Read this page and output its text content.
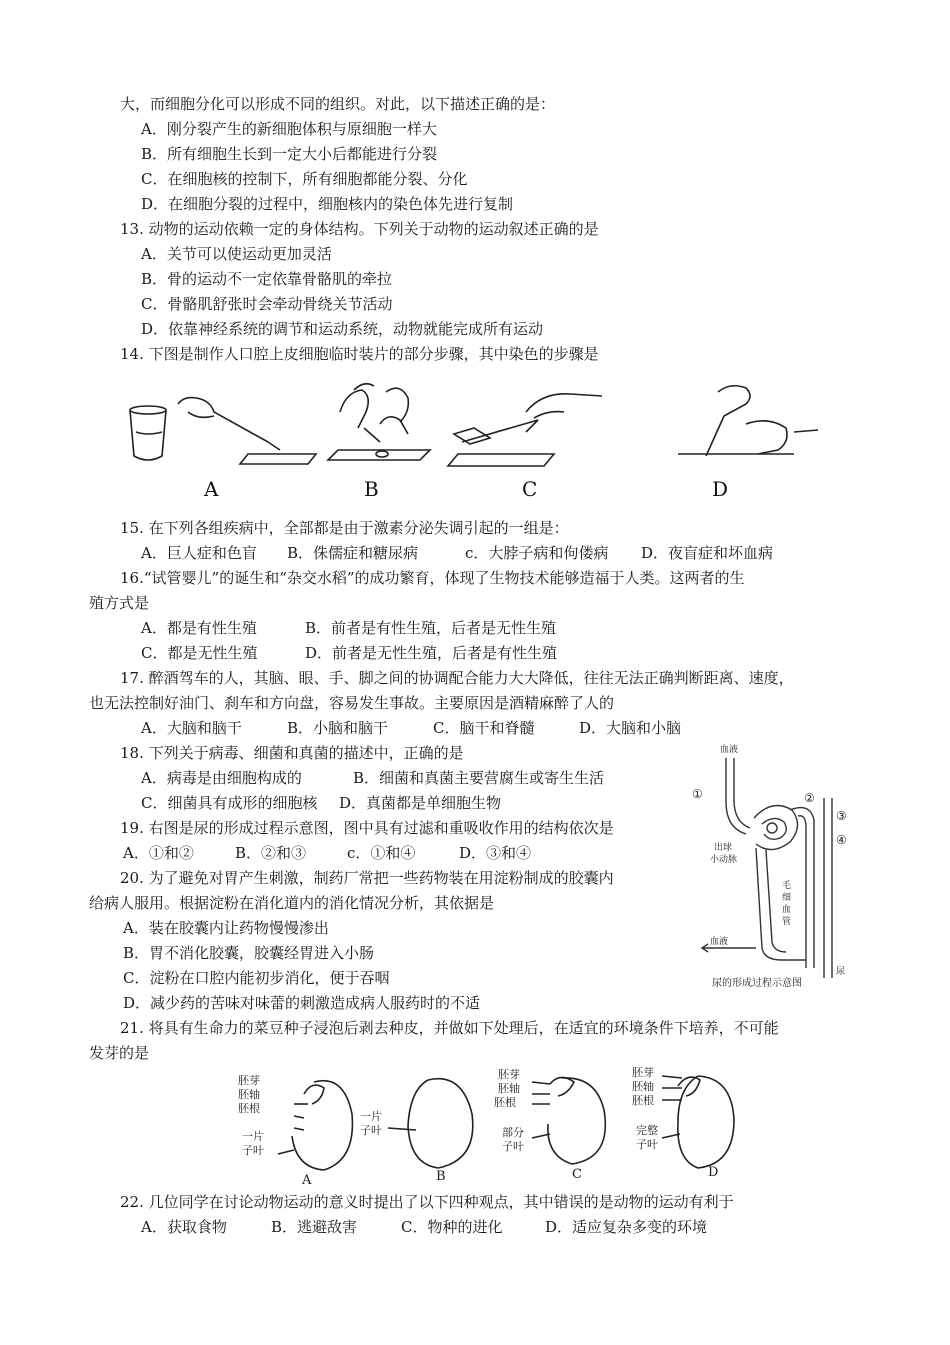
大，而细胞分化可以形成不同的组织。对此，以下描述正确的是：
A．刚分裂产生的新细胞体积与原细胞一样大
B．所有细胞生长到一定大小后都能进行分裂
C．在细胞核的控制下，所有细胞都能分裂、分化
D．在细胞分裂的过程中，细胞核内的染色体先进行复制
13. 动物的运动依赖一定的身体结构。下列关于动物的运动叙述正确的是
A．关节可以使运动更加灵活
B．骨的运动不一定依靠骨骼肌的牵拉
C．骨骼肌舒张时会牵动骨绕关节活动
D．依靠神经系统的调节和运动系统，动物就能完成所有运动
14. 下图是制作人口腔上皮细胞临时装片的部分步骤，其中染色的步骤是
A	B	C	D
15. 在下列各组疾病中，全部都是由于激素分泌失调引起的一组是：
A．巨人症和色盲 B．侏儒症和糖尿病	c．大脖子病和佝偻病 D．夜盲症和坏血病
16.“试管婴儿”的诞生和“杂交水稻”的成功繁育，体现了生物技术能够造福于人类。这两者的生
殖方式是
A．都是有性生殖	B．前者是有性生殖，后者是无性生殖
C．都是无性生殖	D．前者是无性生殖，后者是有性生殖
17. 醉酒驾车的人，其脑、眼、手、脚之间的协调配合能力大大降低，往往无法正确判断距离、速度，
也无法控制好油门、刹车和方向盘，容易发生事故。主要原因是酒精麻醉了人的
A．大脑和脑干	B．小脑和脑干	C．脑干和脊髓	D．大脑和小脑
18. 下列关于病毒、细菌和真菌的描述中，正确的是
A．病毒是由细胞构成的	B．细菌和真菌主要营腐生或寄生生活
C．细菌具有成形的细胞核 D．真菌都是单细胞生物
19. 右图是尿的形成过程示意图，图中具有过滤和重吸收作用的结构依次是
A．①和②	B．②和③	c．①和④	D．③和④
血液
①	②
③
④
出球
小动脉
毛
细
血
管
血液
尿
尿的形成过程示意图
20. 为了避免对胃产生刺激，制药厂常把一些药物装在用淀粉制成的胶囊内
给病人服用。根据淀粉在消化道内的消化情况分析，其依据是
A．装在胶囊内让药物慢慢渗出
B．胃不消化胶囊，胶囊经胃进入小肠
C．淀粉在口腔内能初步消化，便于吞咽
D．减少药的苦味对味蕾的刺激造成病人服药时的不适
21. 将具有生命力的菜豆种子浸泡后剥去种皮，并做如下处理后，在适宜的环境条件下培养，不可能
发芽的是
胚芽
胚轴
胚根
一片
子叶
A
一片
子叶
B
胚芽
胚轴
胚根
部分
子叶
C
胚芽
胚轴
胚根
完整
子叶
D
22. 几位同学在讨论动物运动的意义时提出了以下四种观点，其中错误的是动物的运动有利于
A．获取食物	B．逃避敌害	C．物种的进化	D．适应复杂多变的环境
